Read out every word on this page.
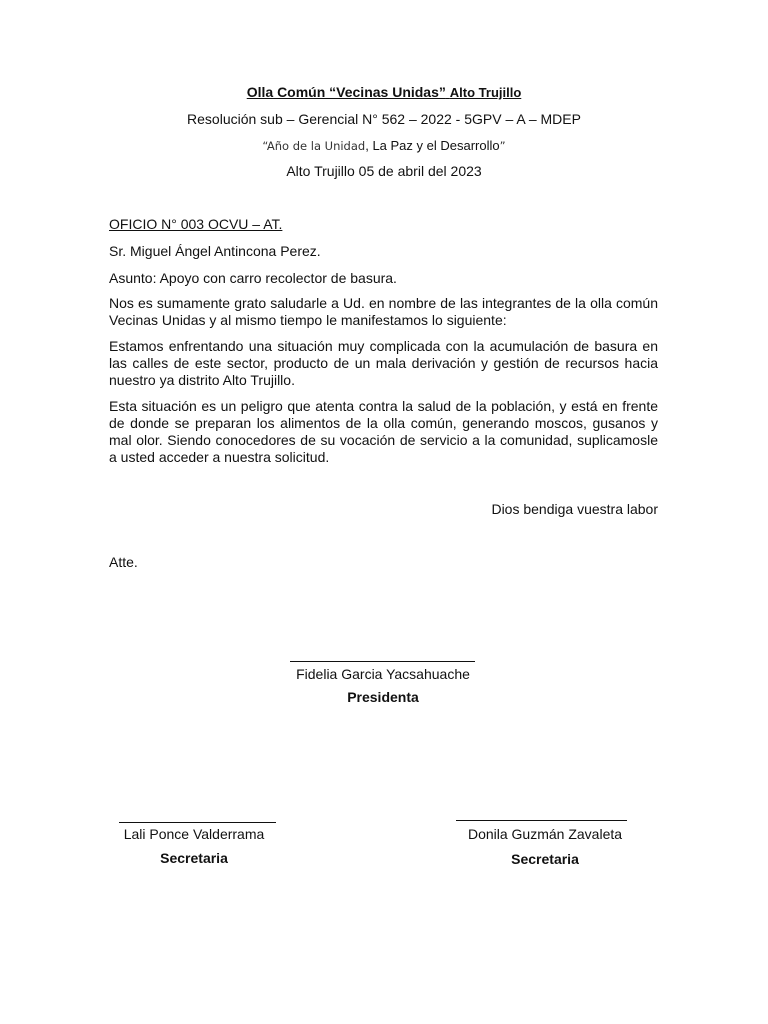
Olla Común “Vecinas Unidas” Alto Trujillo
Resolución sub – Gerencial N° 562 – 2022 - 5GPV – A – MDEP
“Año de la Unidad, La Paz y el Desarrollo”
Alto Trujillo 05 de abril del 2023
OFICIO N° 003 OCVU – AT.
Sr. Miguel Ángel Antincona Perez.
Asunto: Apoyo con carro recolector de basura.
Nos es sumamente grato saludarle a Ud. en nombre de las integrantes de la olla común Vecinas Unidas y al mismo tiempo le manifestamos lo siguiente:
Estamos enfrentando una situación muy complicada con la acumulación de basura en las calles de este sector, producto de un mala derivación y gestión de recursos hacia nuestro ya distrito Alto Trujillo.
Esta situación es un peligro que atenta contra la salud de la población, y está en frente de donde se preparan los alimentos de la olla común, generando moscos, gusanos y mal olor. Siendo conocedores de su vocación de servicio a la comunidad, suplicamosle a usted acceder a nuestra solicitud.
Dios bendiga vuestra labor
Atte.
Fidelia Garcia Yacsahuache
Presidenta
Lali Ponce Valderrama
Secretaria
Donila Guzmán Zavaleta
Secretaria
